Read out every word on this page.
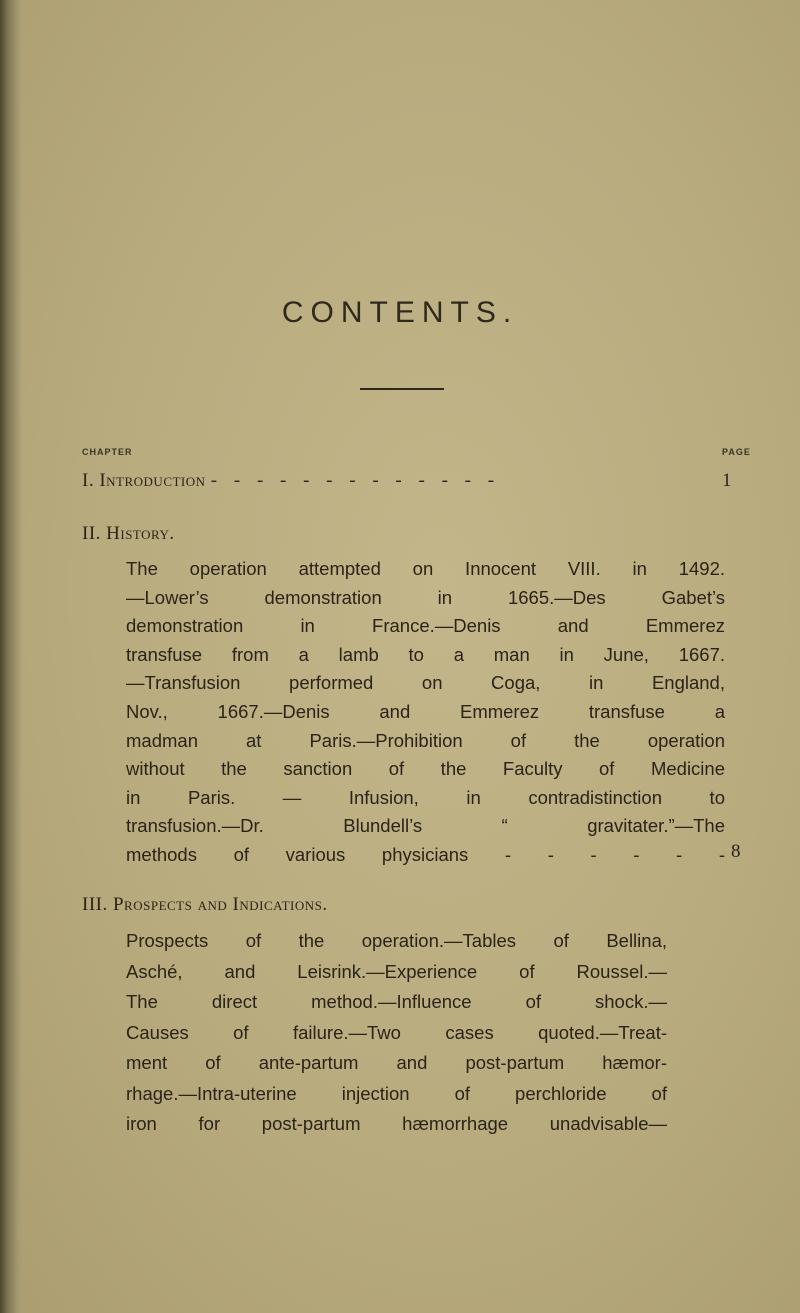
CONTENTS.
CHAPTER	PAGE
I. Introduction - - - - - - - - - - - - -	1
II. History.
The operation attempted on Innocent VIII. in 1492.
—Lower’s demonstration in 1665.—Des Gabet’s
demonstration in France.—Denis and Emmerez
transfuse from a lamb to a man in June, 1667.
—Transfusion performed on Coga, in England,
Nov., 1667.—Denis and Emmerez transfuse a
madman at Paris.—Prohibition of the operation
without the sanction of the Faculty of Medicine
in Paris. — Infusion, in contradistinction to
transfusion.—Dr. Blundell’s “ gravitater.”—The
methods of various physicians - - - - - - 8
III. Prospects and Indications.
Prospects of the operation.—Tables of Bellina,
Asché, and Leisrink.—Experience of Roussel.—
The direct method.—Influence of shock.—
Causes of failure.—Two cases quoted.—Treat-
ment of ante-partum and post-partum hæmor-
rhage.—Intra-uterine injection of perchloride of
iron for post-partum hæmorrhage unadvisable—
